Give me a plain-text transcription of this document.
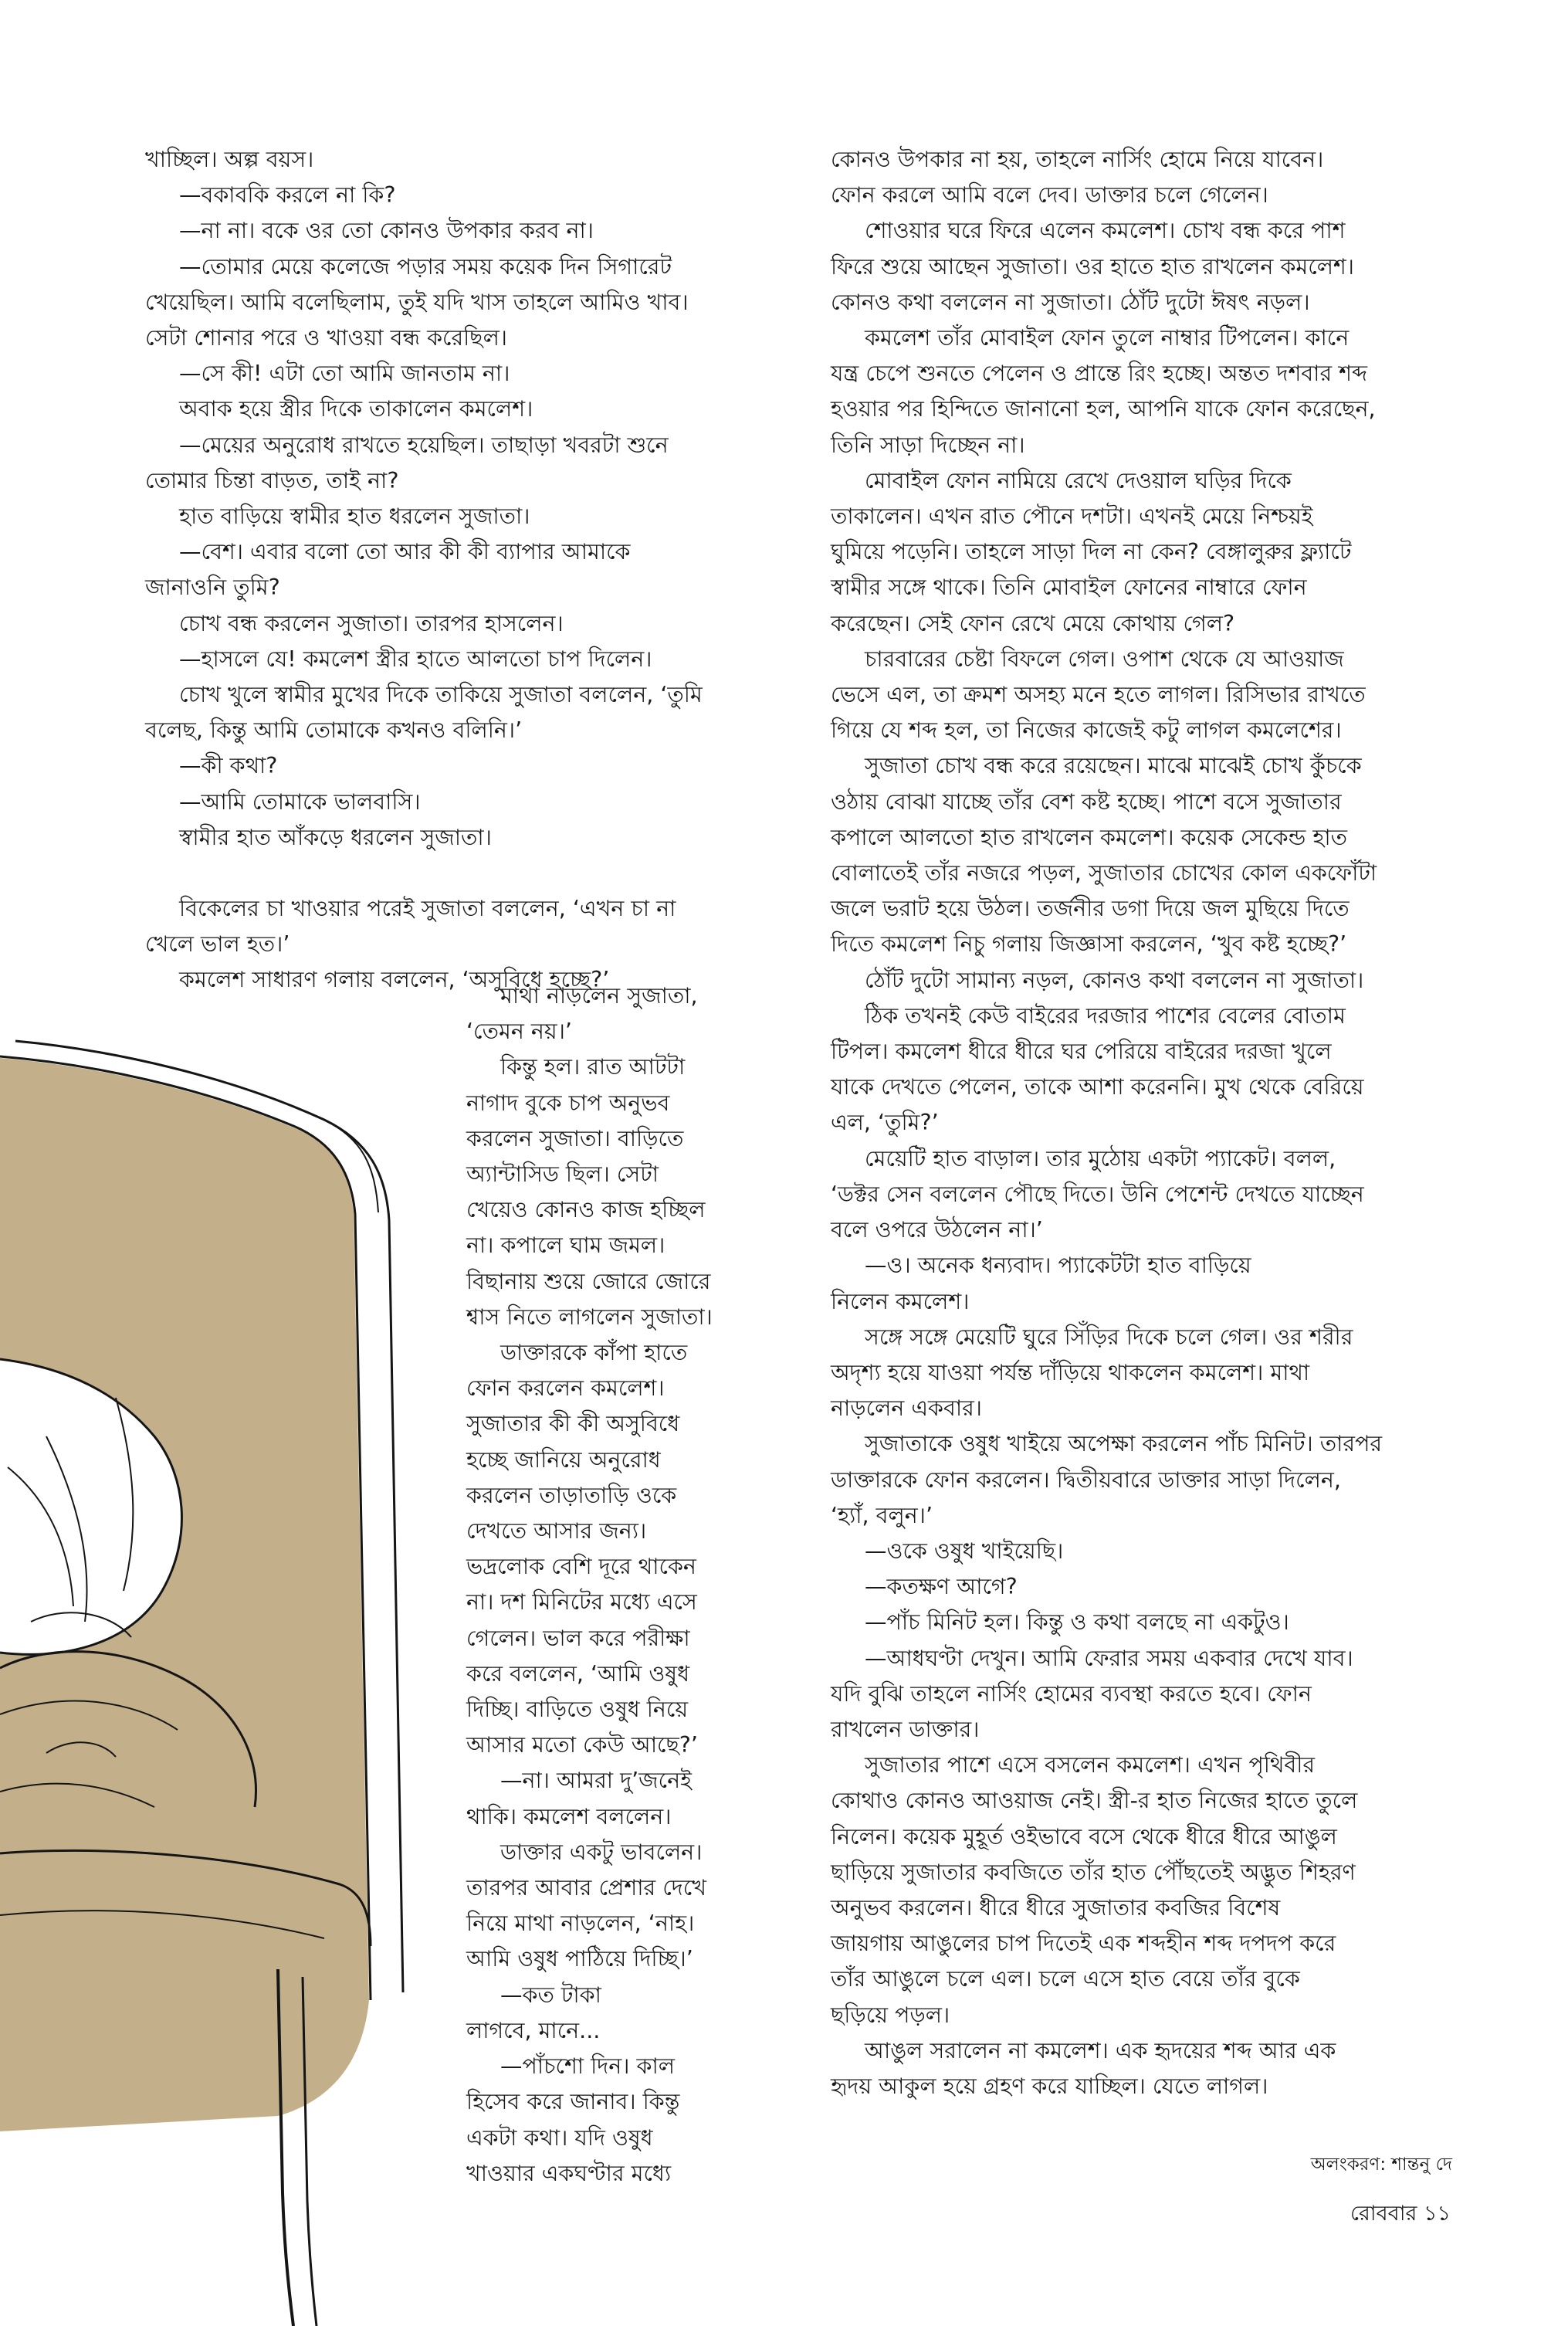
খাচ্ছিল। অল্প বয়স।

—বকাবকি করলে না কি?

—না না। বকে ওর তো কোনও উপকার করব না।

—তোমার মেয়ে কলেজে পড়ার সময় কয়েক দিন সিগারেট

খেয়েছিল। আমি বলেছিলাম, তুই যদি খাস তাহলে আমিও খাব।

সেটা শোনার পরে ও খাওয়া বন্ধ করেছিল।

—সে কী! এটা তো আমি জানতাম না।

অবাক হয়ে স্ত্রীর দিকে তাকালেন কমলেশ।

—মেয়ের অনুরোধ রাখতে হয়েছিল। তাছাড়া খবরটা শুনে

তোমার চিন্তা বাড়ত, তাই না?

হাত বাড়িয়ে স্বামীর হাত ধরলেন সুজাতা।

—বেশ। এবার বলো তো আর কী কী ব্যাপার আমাকে

জানাওনি তুমি?

চোখ বন্ধ করলেন সুজাতা। তারপর হাসলেন।

—হাসলে যে! কমলেশ স্ত্রীর হাতে আলতো চাপ দিলেন।

চোখ খুলে স্বামীর মুখের দিকে তাকিয়ে সুজাতা বললেন, ‘তুমি

বলেছ, কিন্তু আমি তোমাকে কখনও বলিনি।’

—কী কথা?

—আমি তোমাকে ভালবাসি।

স্বামীর হাত আঁকড়ে ধরলেন সুজাতা।

বিকেলের চা খাওয়ার পরেই সুজাতা বললেন, ‘এখন চা না

খেলে ভাল হত।’

কমলেশ সাধারণ গলায় বললেন, ‘অসুবিধে হচ্ছে?’

মাথা নাড়লেন সুজাতা,

‘তেমন নয়।’

কিন্তু হল। রাত আটটা

নাগাদ বুকে চাপ অনুভব

করলেন সুজাতা। বাড়িতে

অ্যান্টাসিড ছিল। সেটা

খেয়েও কোনও কাজ হচ্ছিল

না। কপালে ঘাম জমল।

বিছানায় শুয়ে জোরে জোরে

শ্বাস নিতে লাগলেন সুজাতা।

ডাক্তারকে কাঁপা হাতে

ফোন করলেন কমলেশ।

সুজাতার কী কী অসুবিধে

হচ্ছে জানিয়ে অনুরোধ

করলেন তাড়াতাড়ি ওকে

দেখতে আসার জন্য।

ভদ্রলোক বেশি দূরে থাকেন

না। দশ মিনিটের মধ্যে এসে

গেলেন। ভাল করে পরীক্ষা

করে বললেন, ‘আমি ওষুধ

দিচ্ছি। বাড়িতে ওষুধ নিয়ে

আসার মতো কেউ আছে?’

—না। আমরা দু’জনেই

থাকি। কমলেশ বললেন।

ডাক্তার একটু ভাবলেন।

তারপর আবার প্রেশার দেখে

নিয়ে মাথা নাড়লেন, ‘নাহ।

আমি ওষুধ পাঠিয়ে দিচ্ছি।’

—কত টাকা

লাগবে, মানে...

—পাঁচশো দিন। কাল

হিসেব করে জানাব। কিন্তু

একটা কথা। যদি ওষুধ

খাওয়ার একঘণ্টার মধ্যে

কোনও উপকার না হয়, তাহলে নার্সিং হোমে নিয়ে যাবেন।

ফোন করলে আমি বলে দেব। ডাক্তার চলে গেলেন।

শোওয়ার ঘরে ফিরে এলেন কমলেশ। চোখ বন্ধ করে পাশ

ফিরে শুয়ে আছেন সুজাতা। ওর হাতে হাত রাখলেন কমলেশ।

কোনও কথা বললেন না সুজাতা। ঠোঁট দুটো ঈষৎ নড়ল।

কমলেশ তাঁর মোবাইল ফোন তুলে নাম্বার টিপলেন। কানে

যন্ত্র চেপে শুনতে পেলেন ও প্রান্তে রিং হচ্ছে। অন্তত দশবার শব্দ

হওয়ার পর হিন্দিতে জানানো হল, আপনি যাকে ফোন করেছেন,

তিনি সাড়া দিচ্ছেন না।

মোবাইল ফোন নামিয়ে রেখে দেওয়াল ঘড়ির দিকে

তাকালেন। এখন রাত পৌনে দশটা। এখনই মেয়ে নিশ্চয়ই

ঘুমিয়ে পড়েনি। তাহলে সাড়া দিল না কেন? বেঙ্গালুরুর ফ্ল্যাটে

স্বামীর সঙ্গে থাকে। তিনি মোবাইল ফোনের নাম্বারে ফোন

করেছেন। সেই ফোন রেখে মেয়ে কোথায় গেল?

চারবারের চেষ্টা বিফলে গেল। ওপাশ থেকে যে আওয়াজ

ভেসে এল, তা ক্রমশ অসহ্য মনে হতে লাগল। রিসিভার রাখতে

গিয়ে যে শব্দ হল, তা নিজের কাজেই কটু লাগল কমলেশের।

সুজাতা চোখ বন্ধ করে রয়েছেন। মাঝে মাঝেই চোখ কুঁচকে

ওঠায় বোঝা যাচ্ছে তাঁর বেশ কষ্ট হচ্ছে। পাশে বসে সুজাতার

কপালে আলতো হাত রাখলেন কমলেশ। কয়েক সেকেন্ড হাত

বোলাতেই তাঁর নজরে পড়ল, সুজাতার চোখের কোল একফোঁটা

জলে ভরাট হয়ে উঠল। তর্জনীর ডগা দিয়ে জল মুছিয়ে দিতে

দিতে কমলেশ নিচু গলায় জিজ্ঞাসা করলেন, ‘খুব কষ্ট হচ্ছে?’

ঠোঁট দুটো সামান্য নড়ল, কোনও কথা বললেন না সুজাতা।

ঠিক তখনই কেউ বাইরের দরজার পাশের বেলের বোতাম

টিপল। কমলেশ ধীরে ধীরে ঘর পেরিয়ে বাইরের দরজা খুলে

যাকে দেখতে পেলেন, তাকে আশা করেননি। মুখ থেকে বেরিয়ে

এল, ‘তুমি?’

মেয়েটি হাত বাড়াল। তার মুঠোয় একটা প্যাকেট। বলল,

‘ডক্টর সেন বললেন পৌছে দিতে। উনি পেশেন্ট দেখতে যাচ্ছেন

বলে ওপরে উঠলেন না।’

—ও। অনেক ধন্যবাদ। প্যাকেটটা হাত বাড়িয়ে

নিলেন কমলেশ।

সঙ্গে সঙ্গে মেয়েটি ঘুরে সিঁড়ির দিকে চলে গেল। ওর শরীর

অদৃশ্য হয়ে যাওয়া পর্যন্ত দাঁড়িয়ে থাকলেন কমলেশ। মাথা

নাড়লেন একবার।

সুজাতাকে ওষুধ খাইয়ে অপেক্ষা করলেন পাঁচ মিনিট। তারপর

ডাক্তারকে ফোন করলেন। দ্বিতীয়বারে ডাক্তার সাড়া দিলেন,

‘হ্যাঁ, বলুন।’

—ওকে ওষুধ খাইয়েছি।

—কতক্ষণ আগে?

—পাঁচ মিনিট হল। কিন্তু ও কথা বলছে না একটুও।

—আধঘণ্টা দেখুন। আমি ফেরার সময় একবার দেখে যাব।

যদি বুঝি তাহলে নার্সিং হোমের ব্যবস্থা করতে হবে। ফোন

রাখলেন ডাক্তার।

সুজাতার পাশে এসে বসলেন কমলেশ। এখন পৃথিবীর

কোথাও কোনও আওয়াজ নেই। স্ত্রী-র হাত নিজের হাতে তুলে

নিলেন। কয়েক মুহূর্ত ওইভাবে বসে থেকে ধীরে ধীরে আঙুল

ছাড়িয়ে সুজাতার কবজিতে তাঁর হাত পৌঁছতেই অদ্ভুত শিহরণ

অনুভব করলেন। ধীরে ধীরে সুজাতার কবজির বিশেষ

জায়গায় আঙুলের চাপ দিতেই এক শব্দহীন শব্দ দপদপ করে

তাঁর আঙুলে চলে এল। চলে এসে হাত বেয়ে তাঁর বুকে

ছড়িয়ে পড়ল।

আঙুল সরালেন না কমলেশ। এক হৃদয়ের শব্দ আর এক

হৃদয় আকুল হয়ে গ্রহণ করে যাচ্ছিল। যেতে লাগল।

অলংকরণ: শান্তনু দে
রোববার ১১
